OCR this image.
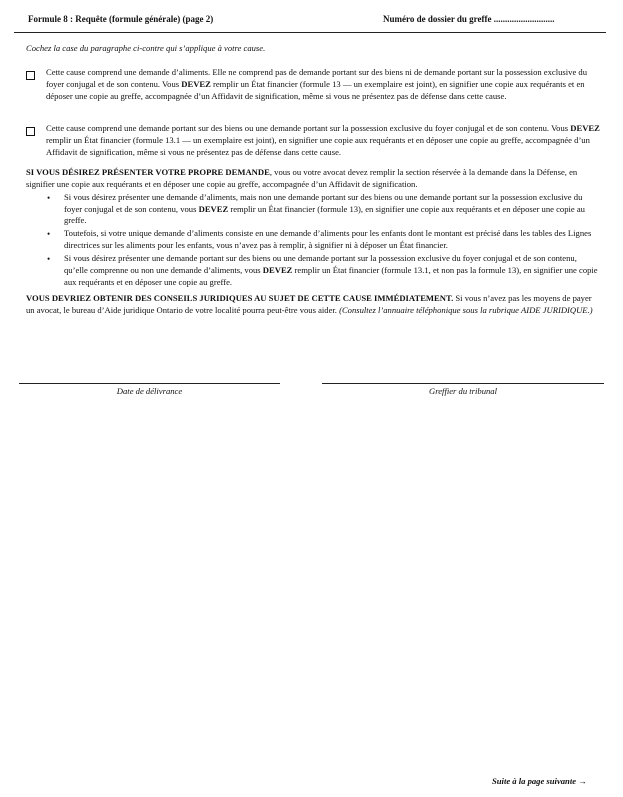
Formule 8 : Requête (formule générale) (page 2)	Numéro de dossier du greffe ...........................
Cochez la case du paragraphe ci-contre qui s’applique à votre cause.
Cette cause comprend une demande d’aliments. Elle ne comprend pas de demande portant sur des biens ni de demande portant sur la possession exclusive du foyer conjugal et de son contenu. Vous DEVEZ remplir un État financier (formule 13 — un exemplaire est joint), en signifier une copie aux requérants et en déposer une copie au greffe, accompagnée d’un Affidavit de signification, même si vous ne présentez pas de défense dans cette cause.
Cette cause comprend une demande portant sur des biens ou une demande portant sur la possession exclusive du foyer conjugal et de son contenu. Vous DEVEZ remplir un État financier (formule 13.1 — un exemplaire est joint), en signifier une copie aux requérants et en déposer une copie au greffe, accompagnée d’un Affidavit de signification, même si vous ne présentez pas de défense dans cette cause.
SI VOUS DÉSIREZ PRÉSENTER VOTRE PROPRE DEMANDE, vous ou votre avocat devez remplir la section réservée à la demande dans la Défense, en signifier une copie aux requérants et en déposer une copie au greffe, accompagnée d’un Affidavit de signification.
• Si vous désirez présenter une demande d’aliments, mais non une demande portant sur des biens ou une demande portant sur la possession exclusive du foyer conjugal et de son contenu, vous DEVEZ remplir un État financier (formule 13), en signifier une copie aux requérants et en déposer une copie au greffe.
• Toutefois, si votre unique demande d’aliments consiste en une demande d’aliments pour les enfants dont le montant est précisé dans les tables des Lignes directrices sur les aliments pour les enfants, vous n’avez pas à remplir, à signifier ni à déposer un État financier.
• Si vous désirez présenter une demande portant sur des biens ou une demande portant sur la possession exclusive du foyer conjugal et de son contenu, qu’elle comprenne ou non une demande d’aliments, vous DEVEZ remplir un État financier (formule 13.1, et non pas la formule 13), en signifier une copie aux requérants et en déposer une copie au greffe.
VOUS DEVRIEZ OBTENIR DES CONSEILS JURIDIQUES AU SUJET DE CETTE CAUSE IMMÉDIATEMENT. Si vous n’avez pas les moyens de payer un avocat, le bureau d’Aide juridique Ontario de votre localité pourra peut-être vous aider. (Consultez l’annuaire téléphonique sous la rubrique AIDE JURIDIQUE.)
Date de délivrance	Greffier du tribunal
Suite à la page suivante →
